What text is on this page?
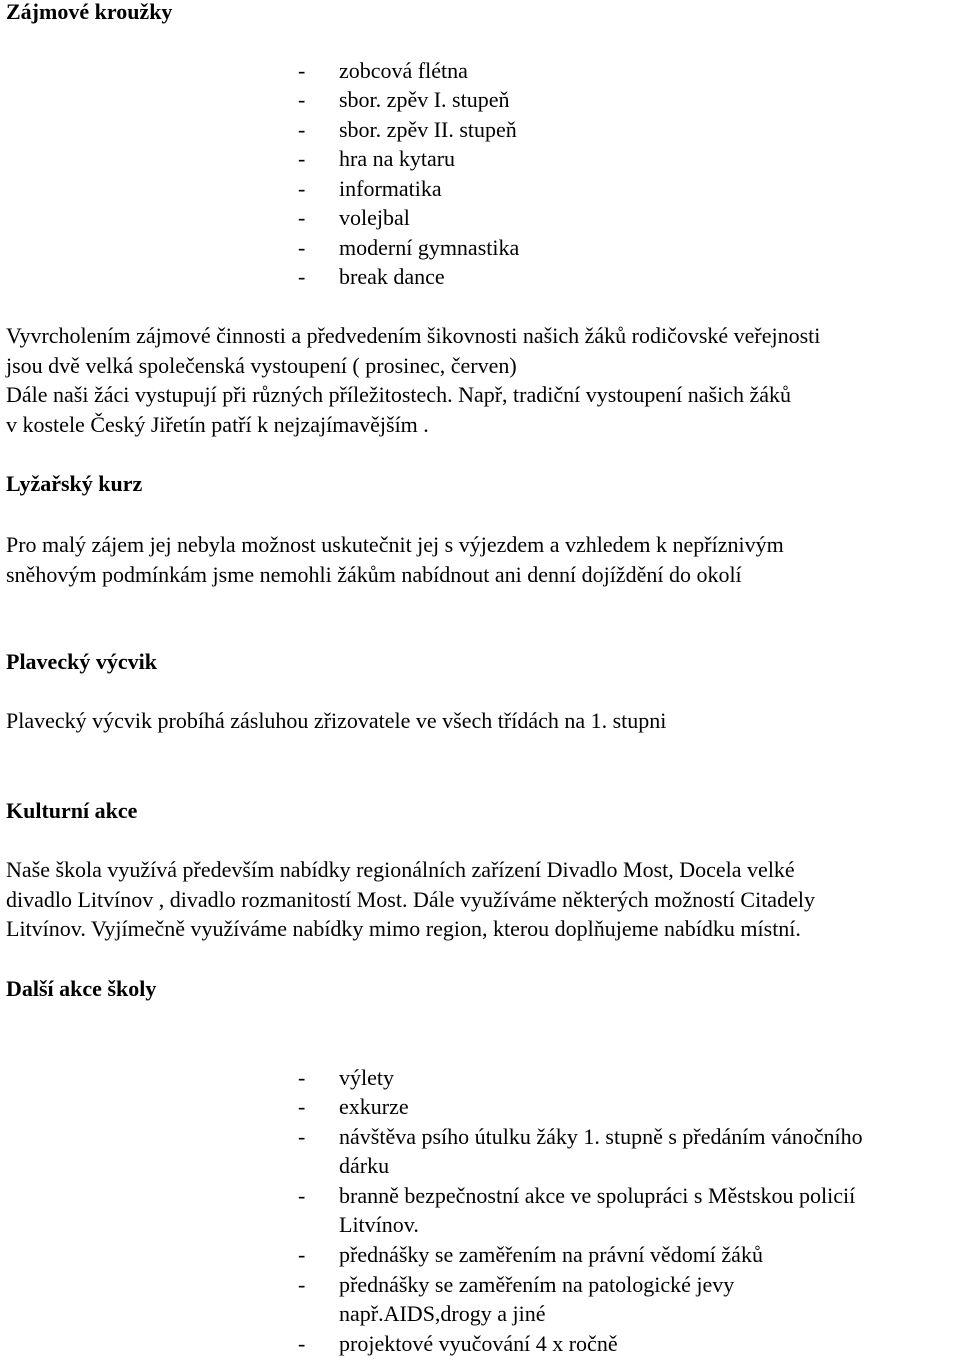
Zájmové kroužky
- zobcová flétna
- sbor. zpěv I. stupeň
- sbor. zpěv II. stupeň
- hra na kytaru
- informatika
- volejbal
- moderní gymnastika
- break dance
Vyvrcholením zájmové činnosti a předvedením šikovnosti našich žáků rodičovské veřejnosti
jsou dvě velká společenská vystoupení ( prosinec, červen)
Dále naši žáci vystupují při různých příležitostech. Např, tradiční vystoupení našich žáků
v kostele Český Jiřetín patří k nejzajímavějším .
Lyžařský kurz
Pro malý zájem jej nebyla možnost uskutečnit jej s výjezdem a vzhledem k nepříznivým
sněhovým podmínkám jsme nemohli žákům nabídnout ani denní dojíždění do okolí
Plavecký výcvik
Plavecký výcvik probíhá zásluhou zřizovatele ve všech třídách na 1. stupni
Kulturní akce
Naše škola využívá především nabídky regionálních zařízení Divadlo Most, Docela velké
divadlo Litvínov , divadlo rozmanitostí Most. Dále využíváme některých možností Citadely
Litvínov. Vyjímečně využíváme nabídky mimo region, kterou doplňujeme nabídku místní.
Další akce školy
- výlety
- exkurze
- návštěva psího útulku žáky 1. stupně s předáním vánočního
dárku
- branně bezpečnostní akce ve spolupráci s Městskou policií
Litvínov.
- přednášky se zaměřením na právní vědomí žáků
- přednášky se zaměřením na patologické jevy
např.AIDS,drogy a jiné
- projektové vyučování 4 x ročně
